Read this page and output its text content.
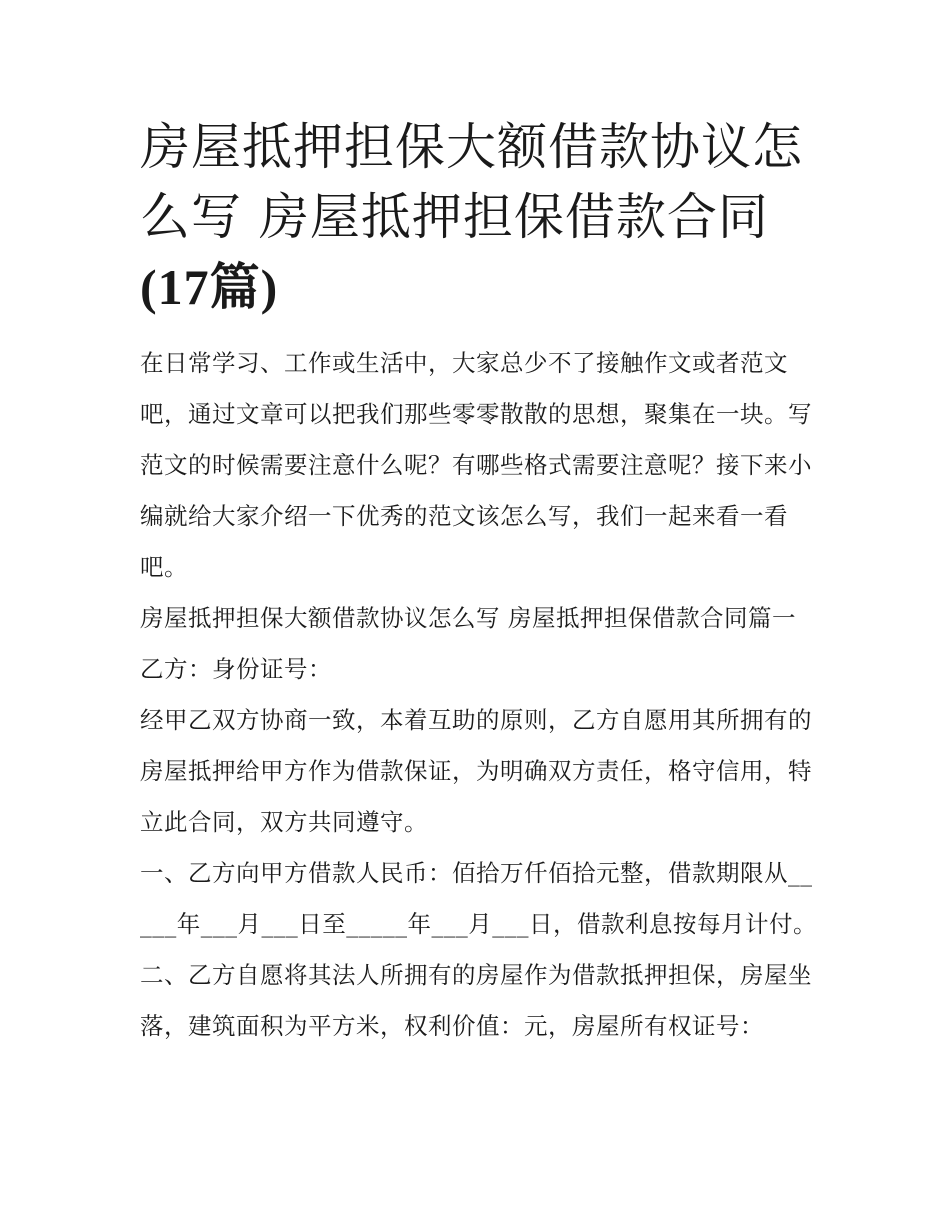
房屋抵押担保大额借款协议怎么写 房屋抵押担保借款合同
(17篇)

在日常学习、工作或生活中，大家总少不了接触作文或者范文吧，通过文章可以把我们那些零零散散的思想，聚集在一块。写范文的时候需要注意什么呢？有哪些格式需要注意呢？接下来小编就给大家介绍一下优秀的范文该怎么写，我们一起来看一看吧。

房屋抵押担保大额借款协议怎么写 房屋抵押担保借款合同篇一 乙方：身份证号：

经甲乙双方协商一致，本着互助的原则，乙方自愿用其所拥有的房屋抵押给甲方作为借款保证，为明确双方责任，格守信用，特立此合同，双方共同遵守。

一、乙方向甲方借款人民币：佰拾万仟佰拾元整，借款期限从_____年___月___日至_____年___月___日，借款利息按每月计付。

二、乙方自愿将其法人所拥有的房屋作为借款抵押担保，房屋坐落，建筑面积为平方米，权利价值：元，房屋所有权证号：
